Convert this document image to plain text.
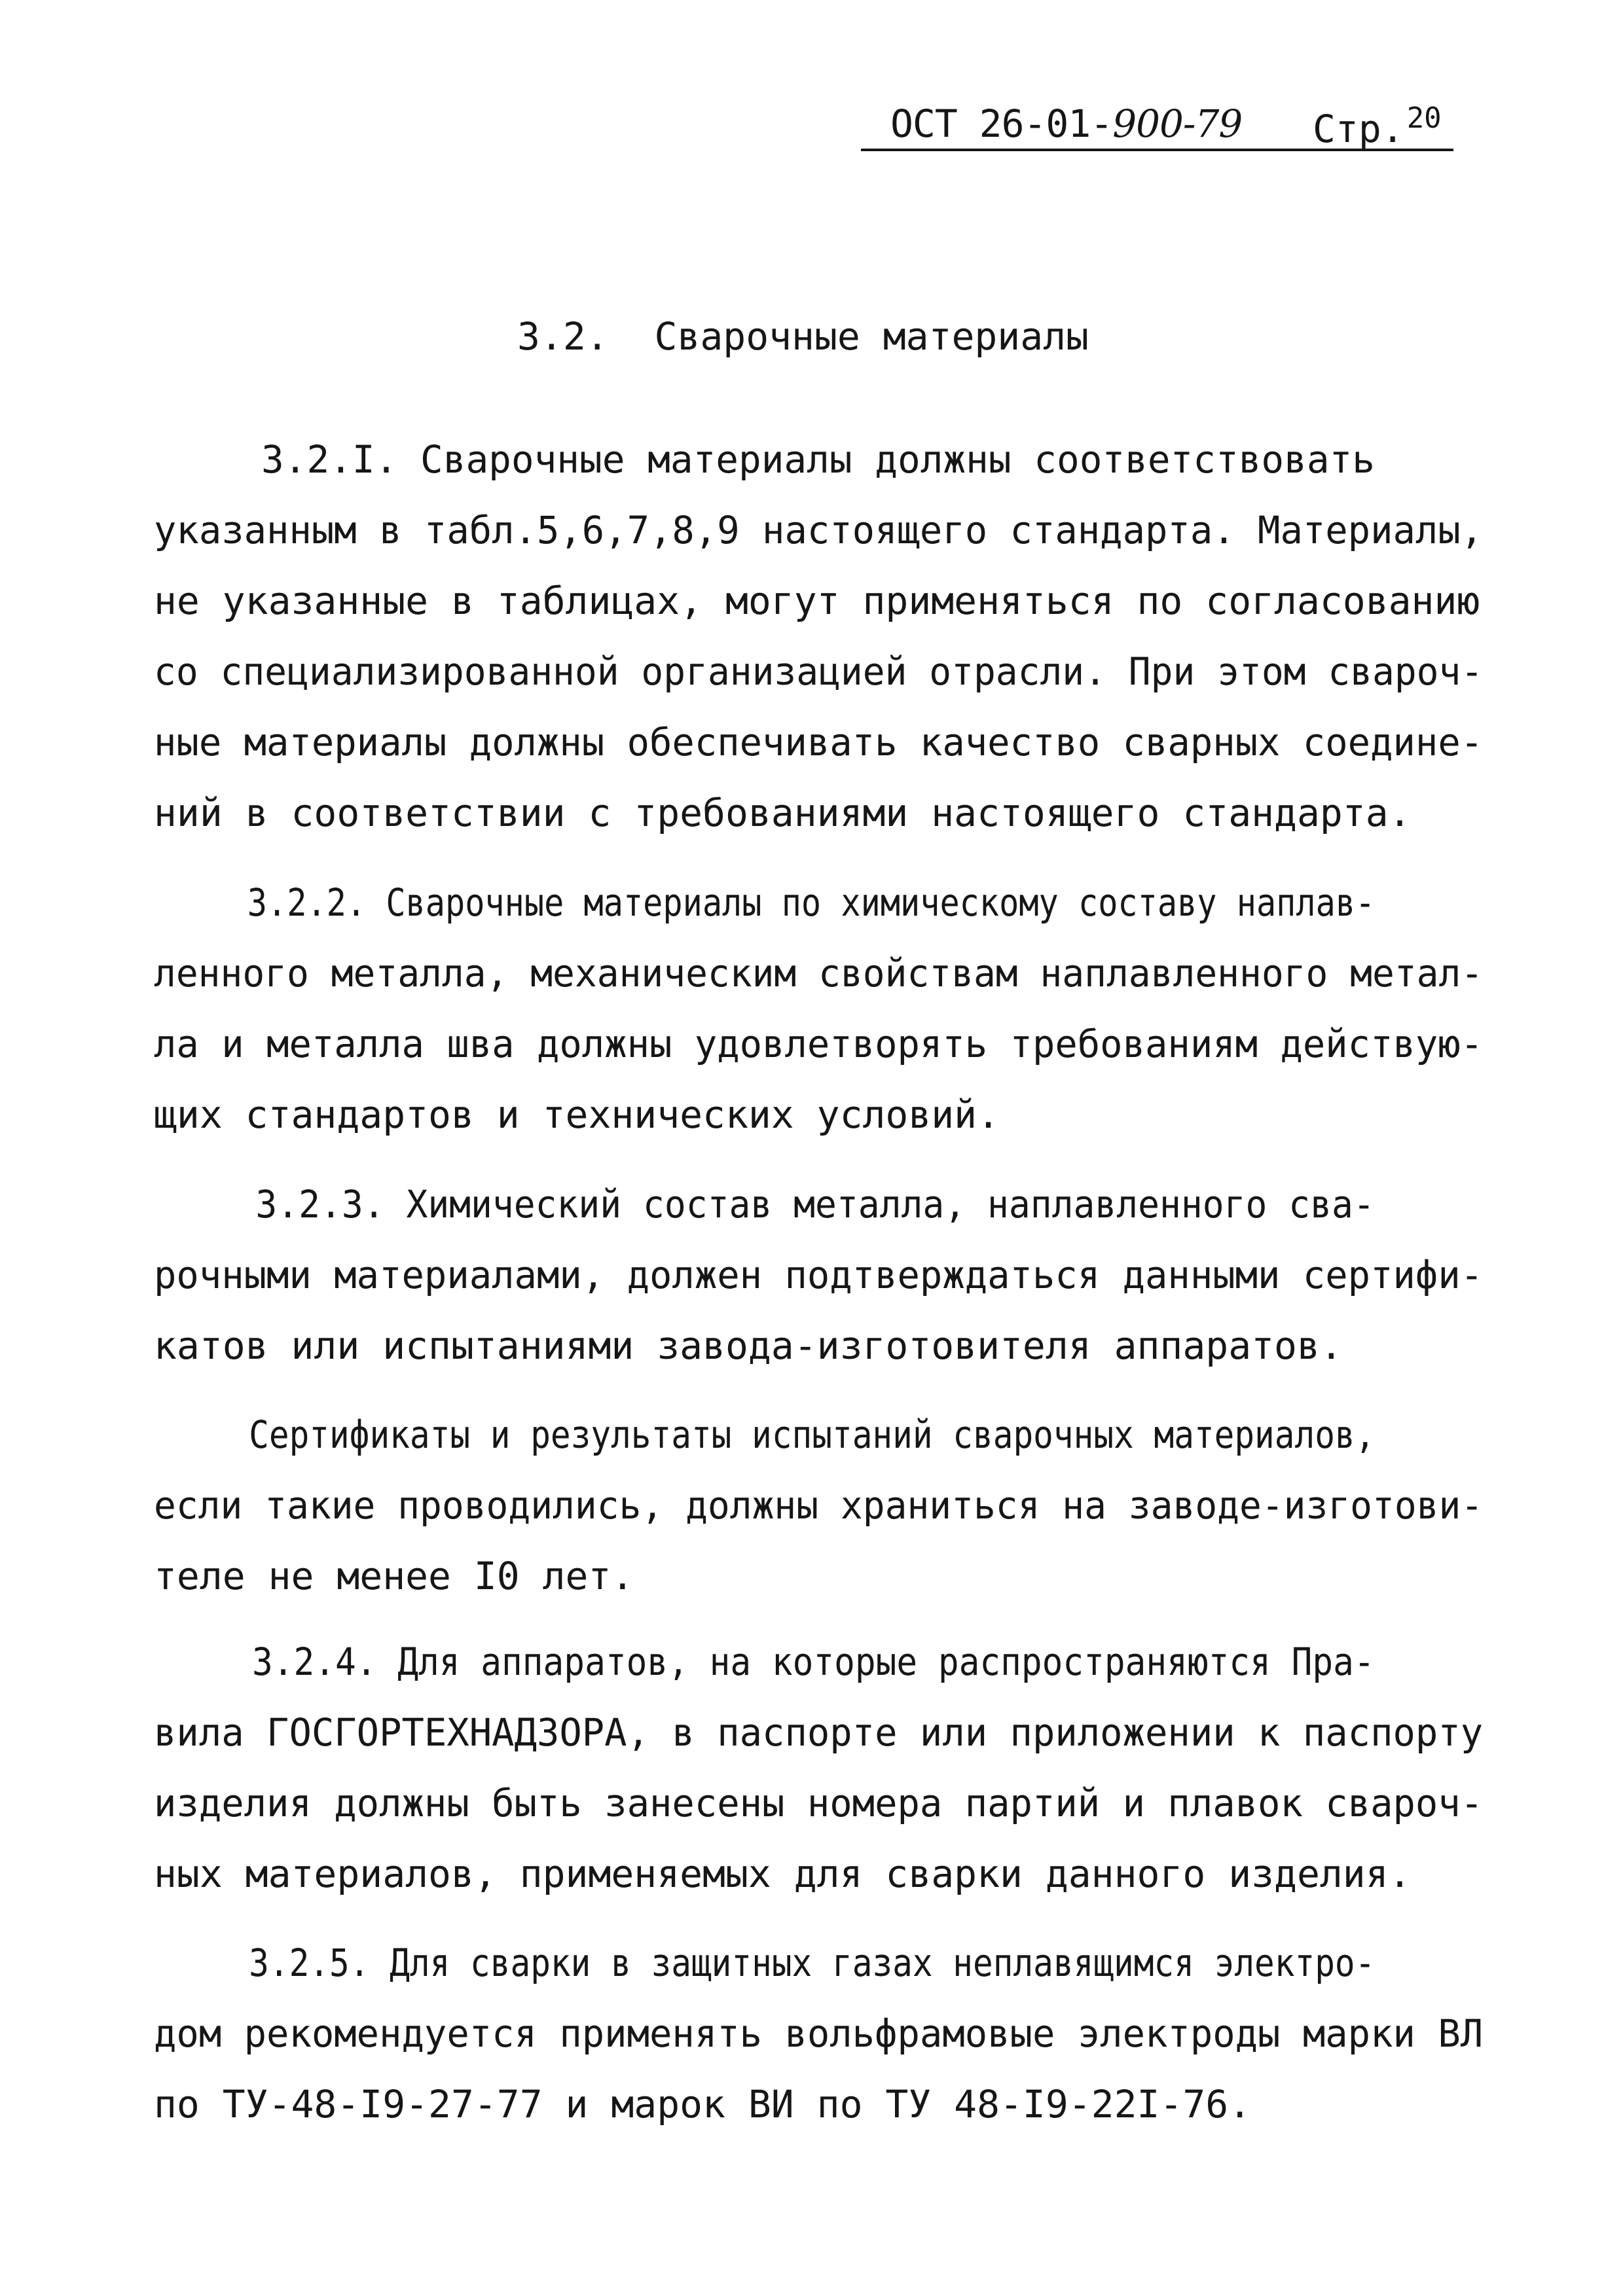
ОСТ 26-01-900-79 Стр.$^{20}$
3.2.  Сварочные материалы
3.2.I. Сварочные материалы должны соответствовать
указанным в табл.5,6,7,8,9 настоящего стандарта. Материалы,
не указанные в таблицах, могут применяться по согласованию
со специализированной организацией отрасли. При этом свароч-
ные материалы должны обеспечивать качество сварных соедине-
ний в соответствии с требованиями настоящего стандарта.
3.2.2. Сварочные материалы по химическому составу наплав-
ленного металла, механическим свойствам наплавленного метал-
ла и металла шва должны удовлетворять требованиям действую-
щих стандартов и технических условий.
3.2.3. Химический состав металла, наплавленного сва-
рочными материалами, должен подтверждаться данными сертифи-
катов или испытаниями завода-изготовителя аппаратов.
Сертификаты и результаты испытаний сварочных материалов,
если такие проводились, должны храниться на заводе-изготови-
теле не менее I0 лет.
3.2.4. Для аппаратов, на которые распространяются Пра-
вила ГОСГОРТЕХНАДЗОРА, в паспорте или приложении к паспорту
изделия должны быть занесены номера партий и плавок свароч-
ных материалов, применяемых для сварки данного изделия.
3.2.5. Для сварки в защитных газах неплавящимся электро-
дом рекомендуется применять вольфрамовые электроды марки ВЛ
по ТУ-48-I9-27-77 и марок ВИ по ТУ 48-I9-22I-76.
